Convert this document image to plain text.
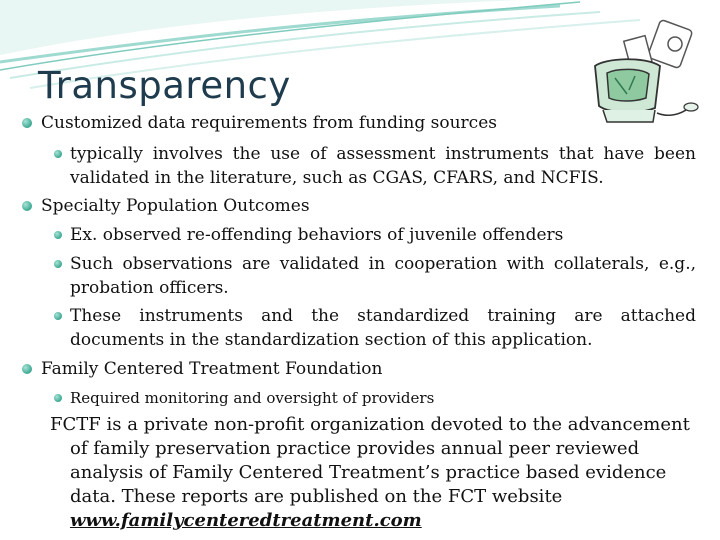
Transparency
Customized data requirements from funding sources
typically involves the use of assessment instruments that have been validated in the literature, such as CGAS, CFARS, and NCFIS.
Specialty Population Outcomes
Ex. observed re-offending behaviors of juvenile offenders
Such observations are validated in cooperation with collaterals, e.g., probation officers.
These instruments and the standardized training are attached documents in the standardization section of this application.
Family Centered Treatment Foundation
Required monitoring and oversight of providers
FCTF is a private non-profit organization devoted to the advancement of family preservation practice provides annual peer reviewed analysis of Family Centered Treatment’s practice based evidence data. These reports are published on the FCT website
www.familycenteredtreatment.com
